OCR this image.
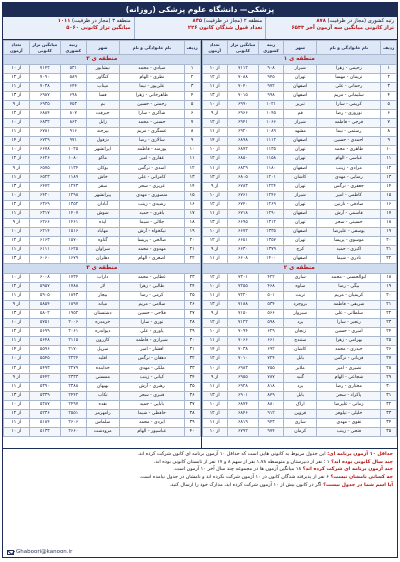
پزشکی— دانشگاه علوم پزشکی (روزانه)
رتبه کشوری (مجاز در ظرفیت) ۸۷۸
تراز کانونی میانگین سه آزمون آخر ۶۵۳۳
منطقه ۲ (مجاز در ظرفیت) ۸۴۵
تعداد قبول شدگان کانون ۲۲۶
منطقه ۳ (مجاز در ظرفیت) ۱۰۱۱
میانگین تراز کانونی ۵۰۶۰
ردیف	نام خانوادگی و نام	شهر	رتبه کشوری	میانگین تراز کانونی	تعداد آزمون
منطقه ی ۱					
۱	رحیمی - زهرا	شیراز	۹۰۸	۷۱۱۲	از ۱۰
۲	نریمان - مهسا	تهران	۹۴۵	۷۰۸۸	از ۱۲
۳	رحمانی - علی	اصفهان	۹۷۲	۷۰۴۰	از ۱۱
۴	سلیمانی - مریم	اصفهان	۹۹۸	۷۰۱۵	از ۱۳
۵	کریمی - سارا	تبریز	۱۰۲۱	۶۹۹۰	از ۱۰
۶	نوروزی - رضا	قم	۱۰۴۵	۶۹۶۶	از ۹
۷	فرجی - فاطمه	شیراز	۱۰۶۶	۶۹۴۱	از ۱۲
۸	رستمی - نیما	مشهد	۱۰۸۹	۶۹۲۰	از ۱۱
۹	احمدی - حسین	اصفهان	۱۱۱۲	۶۸۹۸	از ۱۴
۱۰	طاهری - محمد	تهران	۱۱۳۵	۶۸۷۲	از ۱۰
۱۱	عباسی - الهام	تهران	۱۱۵۸	۶۸۵۰	از ۱۲
۱۲	مرادی - زینب	اصفهان	۱۱۸۰	۶۸۲۹	از ۱۱
۱۳	رضایی - مهدی	کاشان	۱۲۰۱	۶۸۰۵	از ۱۳
۱۴	جعفری - نرگس	تهران	۱۲۲۴	۶۷۸۳	از ۹
۱۵	کاظمی - امیر	شیراز	۱۲۴۶	۶۷۶۱	از ۱۰
۱۶	صادقی - نازنین	تهران	۱۲۶۹	۶۷۴۰	از ۱۲
۱۷	قاسمی - آرش	اصفهان	۱۲۹۰	۶۷۱۸	از ۱۱
۱۸	حسینی - سحر	تهران	۱۳۱۲	۶۶۹۵	از ۱۳
۱۹	یوسفی - علیرضا	اصفهان	۱۳۳۵	۶۶۷۲	از ۱۰
۲۰	موسوی - پریسا	تهران	۱۳۵۷	۶۶۵۱	از ۱۲
۲۱	اکبری - حمید	کرج	۱۳۷۹	۶۶۳۰	از ۹
۲۲	نادری - شیما	اصفهان	۱۴۰۰	۶۶۰۸	از ۱۱
منطقه ی ۲					
۱۸	ابوالحسنی - محمد	ساری	۴۲۲	۷۳۰۱	از ۱۲
۱۹	بیگی - رضا	ساوه	۴۶۸	۷۲۵۵	از ۱۰
۲۰	کریمیان - مریم	تربت	۵۰۱	۷۲۲۰	از ۱۱
۲۱	شریفی - فاطمه	بروجرد	۵۳۴	۷۱۸۸	از ۱۳
۲۲	سلطانی - علی	سبزوار	۵۶۶	۷۱۵۰	از ۹
۲۳	رنجبر - سارا	یزد	۵۹۸	۷۱۲۲	از ۱۲
۲۴	امیری - حسین	زنجان	۶۲۹	۷۰۹۴	از ۱۰
۲۵	بهرامی - زهرا	سنندج	۶۶۱	۷۰۶۶	از ۱۱
۲۶	حیدری - محمد	کاشان	۶۹۲	۷۰۳۸	از ۱۴
۲۷	قربانی - نرگس	بابل	۷۲۴	۷۰۱۰	از ۱۲
۲۸	نصیری - امیر	ملایر	۷۵۵	۶۹۸۳	از ۱۰
۲۹	شجاعی - الهام	گنبد	۷۸۷	۶۹۵۵	از ۹
۳۰	مختاری - رضا	یزد	۸۱۸	۶۹۲۸	از ۱۱
۳۱	پاکزاد - سحر	بابل	۸۴۹	۶۹۰۱	از ۱۳
۳۲	زمانی - علیرضا	اراک	۸۸۰	۶۸۷۴	از ۱۰
۳۳	خلیلی - نیلوفر	قزوین	۹۱۲	۶۸۴۶	از ۱۲
۳۴	تقوی - مهدی	ساری	۹۴۳	۶۸۱۹	از ۱۱
۳۵	فتحی - زینب	کرمان	۹۷۴	۶۷۹۲	از ۱۰
ردیف	نام خانوادگی و نام	شهر	رتبه کشوری	میانگین تراز کانونی	تعداد آزمون
منطقه ی ۳					
۱	صیادی - محمد	نیشابور	۵۳۱	۷۱۴۲	از ۱۰
۲	نظری - الهام	کنگاور	۵۸۹	۷۰۹۰	از ۱۲
۳	علی‌پور - نیما	میناب	۶۴۴	۷۰۳۸	از ۱۱
۴	طاهرخانی - زهرا	فسا	۶۹۸	۶۹۸۷	از ۱۳
۵	رحمتی - حسین	بم	۷۵۳	۶۹۳۵	از ۹
۶	شاکری - سارا	جیرفت	۸۰۷	۶۸۸۴	از ۱۲
۷	حسنی - محمد	زابل	۸۶۲	۶۸۳۲	از ۱۰
۸	عسگری - مریم	بیرجند	۹۱۶	۶۷۸۱	از ۱۱
۹	سالاری - رضا	دزفول	۹۷۱	۶۷۲۹	از ۱۴
۱۰	پورمند - فاطمه	ایرانشهر	۱۰۲۵	۶۶۷۸	از ۱۰
۱۱	غفاری - امیر	ماکو	۱۰۸۰	۶۶۲۶	از ۱۲
۱۲	اسدی - نرگس	بوکان	۱۱۳۴	۶۵۷۵	از ۹
۱۳	کامرانی - علی	خاش	۱۱۸۹	۶۵۲۳	از ۱۱
۱۴	عزیزی - سحر	سقز	۱۲۴۳	۶۴۷۲	از ۱۳
۱۵	منصوری - مهدی	پیرانشهر	۱۲۹۸	۶۴۲۰	از ۱۰
۱۶	رشیدی - زینب	آبادان	۱۳۵۲	۶۳۶۹	از ۱۲
۱۷	باقری - حمید	شوش	۱۴۰۷	۶۳۱۷	از ۱۱
۱۸	جلالی - شیما	ایذه	۱۴۶۱	۶۲۶۶	از ۹
۱۹	نیکخواه - آرش	مهاباد	۱۵۱۶	۶۲۱۴	از ۱۰
۲۰	صالحی - پریسا	گناوه	۱۵۷۰	۶۱۶۳	از ۱۲
۲۱	مهدوی - محمد	سراوان	۱۶۲۵	۶۱۱۱	از ۱۱
۲۲	اصغری - الهام	دهلران	۱۶۷۹	۶۰۶۰	از ۱۳
منطقه ی ۳					
۲۳	عطایی - محمد	داراب	۱۷۳۴	۶۰۰۸	از ۱۰
۲۴	طالبی - زهرا	لار	۱۷۸۸	۵۹۵۷	از ۱۲
۲۵	کرمی - رضا	بیجار	۱۸۴۳	۵۹۰۵	از ۱۱
۲۶	سلامی - مریم	میانه	۱۸۹۷	۵۸۵۴	از ۹
۲۷	فلاحی - حسین	دشتستان	۱۹۵۲	۵۸۰۲	از ۱۳
۲۸	نوری - سارا	خرمدره	۲۰۰۶	۵۷۵۱	از ۱۰
۲۹	یاوری - علی	دیواندره	۲۰۶۱	۵۶۹۹	از ۱۲
۳۰	شیرازی - فاطمه	کازرون	۲۱۱۵	۵۶۴۸	از ۱۱
۳۱	افشار - امیر	سرپل	۲۱۷۰	۵۵۹۶	از ۱۴
۳۲	دهقان - نرگس	اقلید	۲۲۲۴	۵۵۴۵	از ۱۰
۳۳	ملکی - مهدی	خدابنده	۲۲۷۹	۵۴۹۳	از ۱۲
۳۴	کیانی - زینب	ممسنی	۲۳۳۳	۵۴۴۲	از ۹
۳۵	رهبری - آرش	بهبهان	۲۳۸۸	۵۳۹۰	از ۱۱
۳۶	قنبری - سحر	تکاب	۲۴۴۲	۵۳۳۹	از ۱۳
۳۷	بابایی - حمید	نقده	۲۴۹۷	۵۲۸۷	از ۱۰
۳۸	حافظی - شیما	رامهرمز	۲۵۵۱	۵۲۳۶	از ۱۲
۳۹	ایزدی - محمد	سلماس	۲۶۰۶	۵۱۸۴	از ۱۱
۴۰	عباسپور - الهام	مرودشت	۲۶۶۰	۵۱۳۳	از ۱۰

حداقل ۱۰ آزمون برنامه ای: این جدول مربوط به کانونی هایی است که حداقل ۱۰ آزمون برنامه ای کانون شرکت کرده اند.

چند سال کانونی بوده اند؟ ۱ ؛ نفر از دبیرستان و متوسطه ۱،۷۸ نفر از سهم ۸ و ۱۷ نفر از تابستان کانونی بوده اند.

چند آزمون برنامه ای شرکت کرده اند؟ ۱۸ میانگین آزمون ها در مجموعه چند سال آخر ۱۰ آزمون است.

چه کسانی نامشان نیست؟ ۶ نفر از پذیرفته شدگان کانون در ۱۰ آزمون شرکت نکرده اند و نامشان در جدول نیامده است.

آیا اسم شما در جدول نیست؟ اگر در کانون بیش از ۱۰ آزمون شرکت کرده اید، مدارک خود را ارسال کنید.

Ghaboori@kanoon.ir
